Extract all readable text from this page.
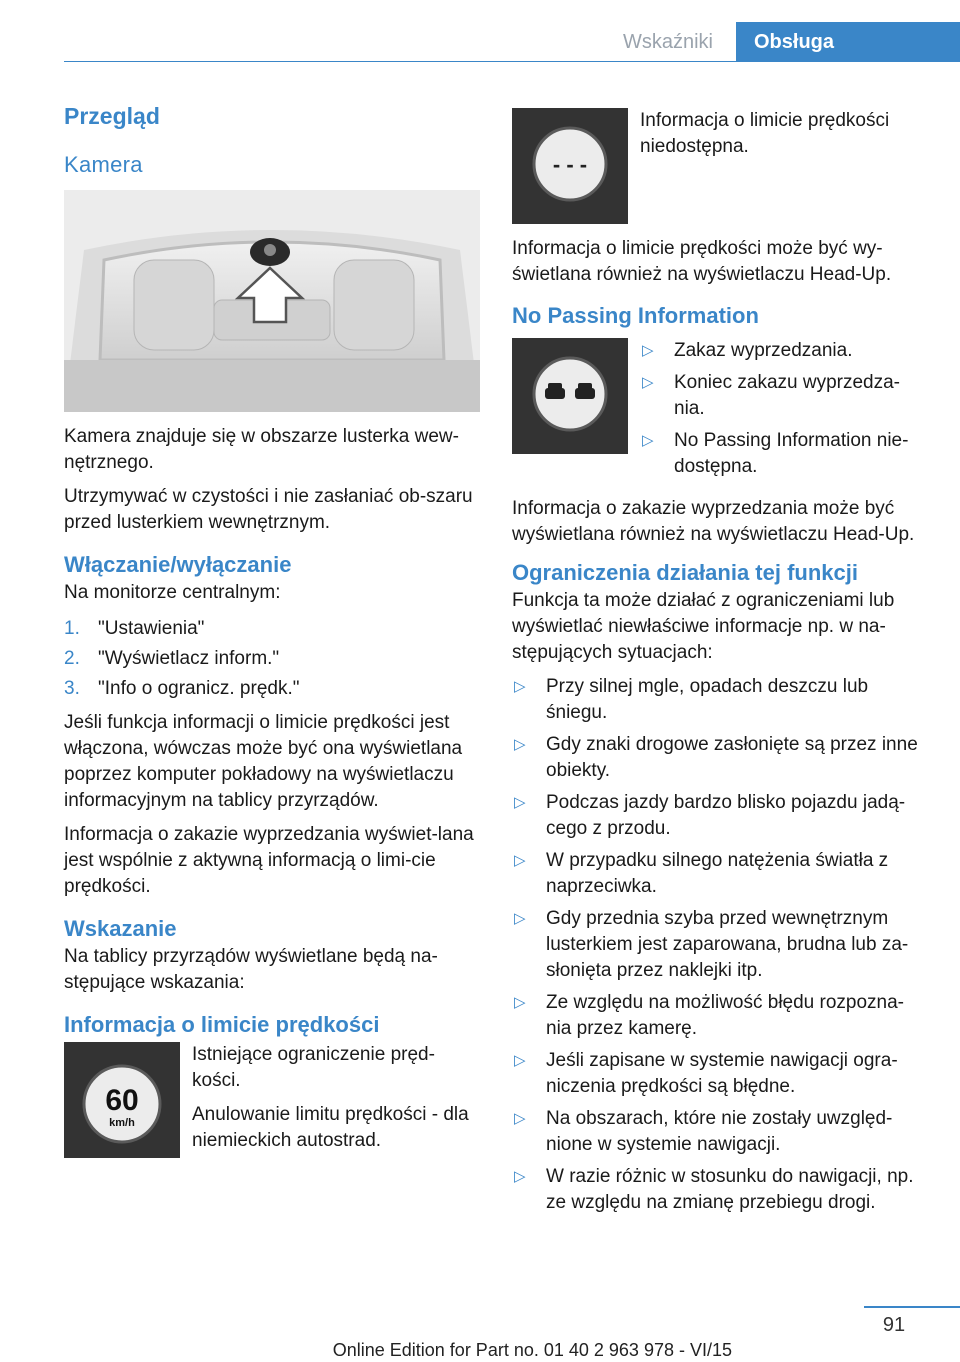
Wskaźniki	Obsługa
Przegląd
Kamera

Kamera znajduje się w obszarze lusterka wew-nętrznego.

Utrzymywać w czystości i nie zasłaniać ob-szaru przed lusterkiem wewnętrznym.

Włączanie/wyłączanie

Na monitorze centralnym:

1. "Ustawienia"
2. "Wyświetlacz inform."
3. "Info o ogranicz. prędk."

Jeśli funkcja informacji o limicie prędkości jest włączona, wówczas może być ona wyświetlana poprzez komputer pokładowy na wyświetlaczu informacyjnym na tablicy przyrządów.

Informacja o zakazie wyprzedzania wyświet-lana jest wspólnie z aktywną informacją o limi-cie prędkości.

Wskazanie

Na tablicy przyrządów wyświetlane będą na-stępujące wskazania:

Informacja o limicie prędkości
60
km/h

Istniejące ograniczenie pręd-kości.

Anulowanie limitu prędkości - dla niemieckich autostrad.

- - -

Informacja o limicie prędkości niedostępna.

Informacja o limicie prędkości może być wy-świetlana również na wyświetlaczu Head-Up.

No Passing Information
▷ Zakaz wyprzedzania.
▷ Koniec zakazu wyprzedza-nia.
▷ No Passing Information nie-dostępna.

Informacja o zakazie wyprzedzania może być wyświetlana również na wyświetlaczu Head-Up.

Ograniczenia działania tej funkcji

Funkcja ta może działać z ograniczeniami lub wyświetlać niewłaściwe informacje np. w na-stępujących sytuacjach:

▷ Przy silnej mgle, opadach deszczu lub śniegu.
▷ Gdy znaki drogowe zasłonięte są przez inne obiekty.
▷ Podczas jazdy bardzo blisko pojazdu jadą-cego z przodu.
▷ W przypadku silnego natężenia światła z naprzeciwka.
▷ Gdy przednia szyba przed wewnętrznym lusterkiem jest zaparowana, brudna lub za-słonięta przez naklejki itp.
▷ Ze względu na możliwość błędu rozpozna-nia przez kamerę.
▷ Jeśli zapisane w systemie nawigacji ogra-niczenia prędkości są błędne.
▷ Na obszarach, które nie zostały uwzględ-nione w systemie nawigacji.
▷ W razie różnic w stosunku do nawigacji, np. ze względu na zmianę przebiegu drogi.
91
Online Edition for Part no. 01 40 2 963 978 - VI/15
